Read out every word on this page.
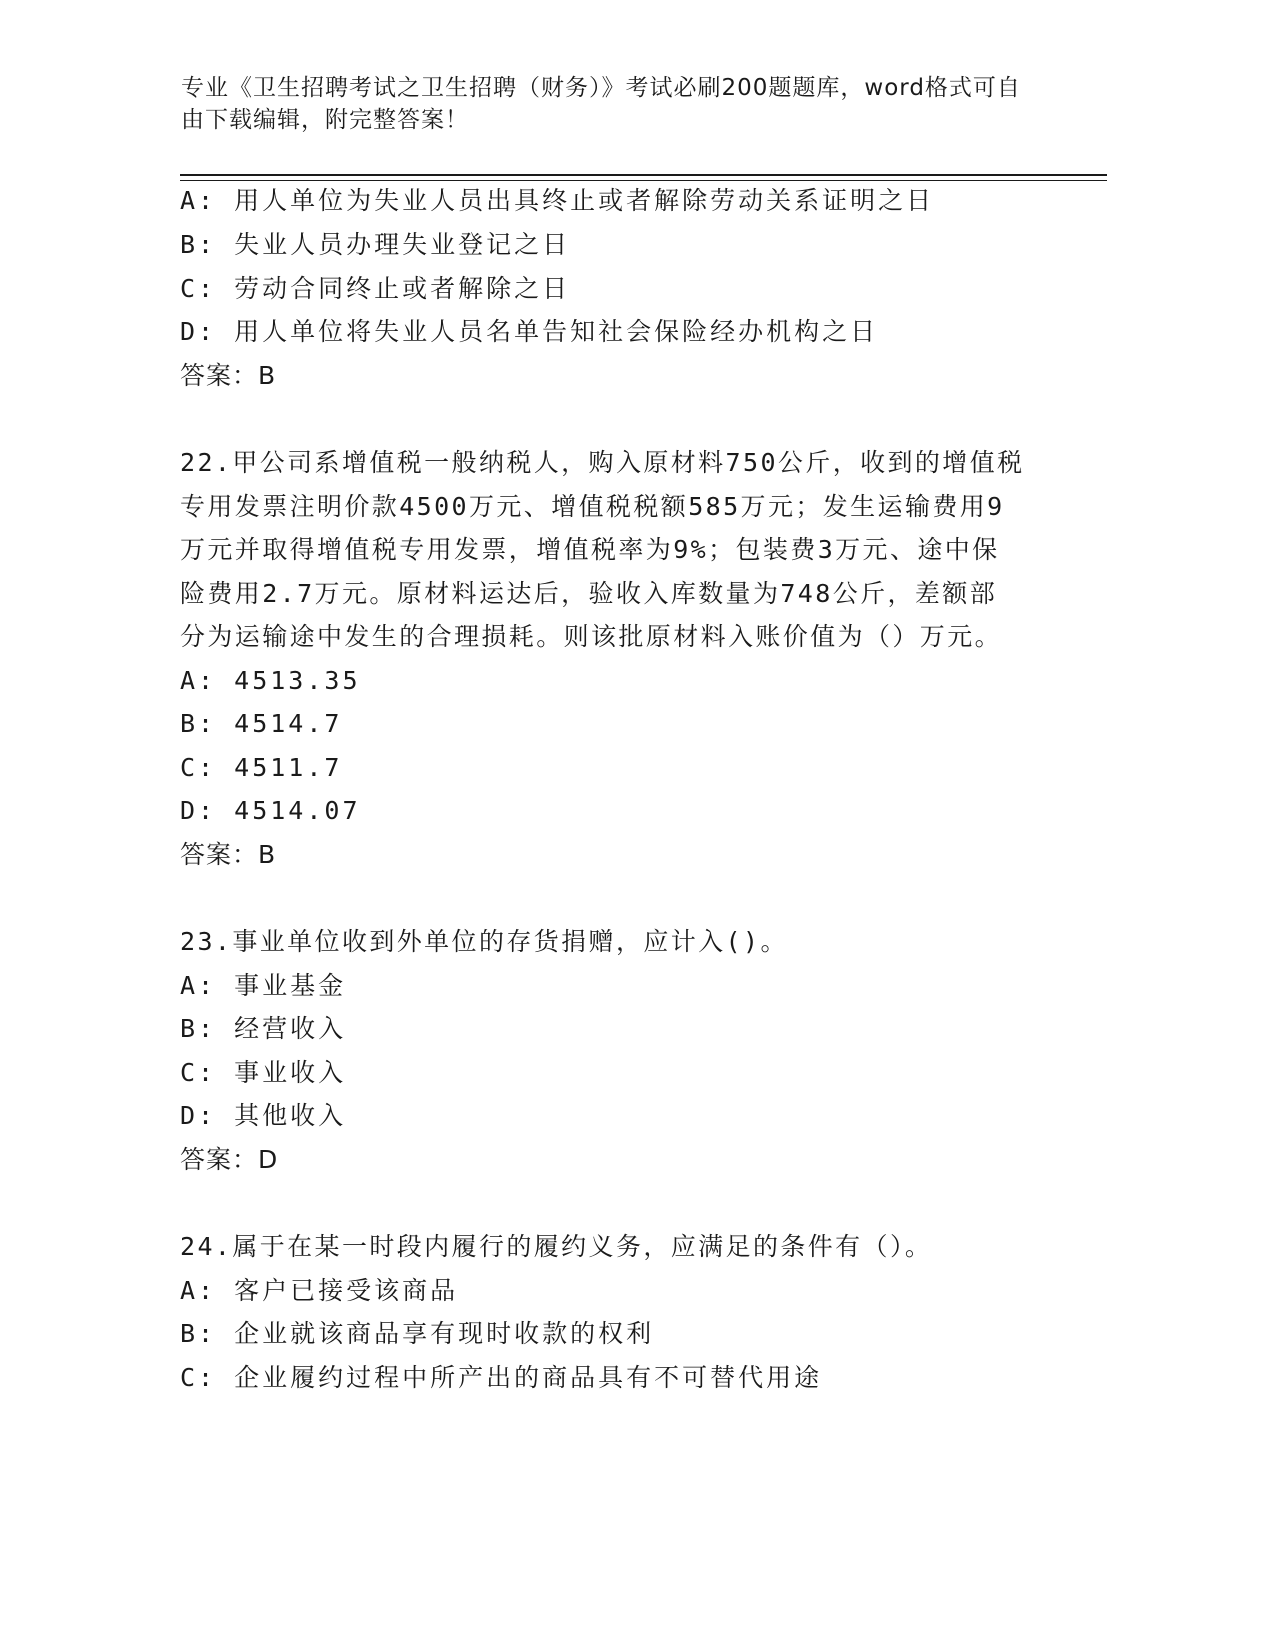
专业《卫生招聘考试之卫生招聘（财务）》考试必刷200题题库，word格式可自
由下载编辑，附完整答案！
A: 用人单位为失业人员出具终止或者解除劳动关系证明之日
B: 失业人员办理失业登记之日
C: 劳动合同终止或者解除之日
D: 用人单位将失业人员名单告知社会保险经办机构之日
答案：B
22.甲公司系增值税一般纳税人，购入原材料750公斤，收到的增值税
专用发票注明价款4500万元、增值税税额585万元；发生运输费用9
万元并取得增值税专用发票，增值税率为9%；包装费3万元、途中保
险费用2.7万元。原材料运达后，验收入库数量为748公斤，差额部
分为运输途中发生的合理损耗。则该批原材料入账价值为（）万元。
A: 4513.35
B: 4514.7
C: 4511.7
D: 4514.07
答案：B
23.事业单位收到外单位的存货捐赠，应计入()。
A: 事业基金
B: 经营收入
C: 事业收入
D: 其他收入
答案：D
24.属于在某一时段内履行的履约义务，应满足的条件有（）。
A: 客户已接受该商品
B: 企业就该商品享有现时收款的权利
C: 企业履约过程中所产出的商品具有不可替代用途
